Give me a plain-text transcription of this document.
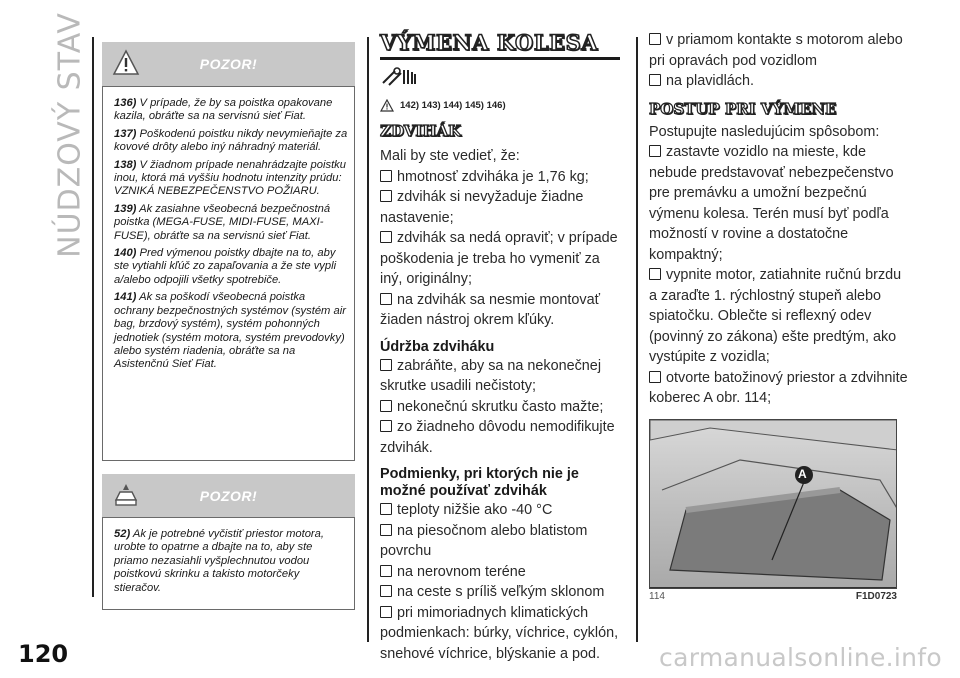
NÚDZOVÝ STAV
120
POZOR!

136) V prípade, že by sa poistka opakovane kazila, obráťte sa na servisnú sieť Fiat.

137) Poškodenú poistku nikdy nevymieňajte za kovové drôty alebo iný náhradný materiál.

138) V žiadnom prípade nenahrádzajte poistku inou, ktorá má vyššiu hodnotu intenzity prúdu: VZNIKÁ NEBEZPEČENSTVO POŽIARU.

139) Ak zasiahne všeobecná bezpečnostná poistka (MEGA-FUSE, MIDI-FUSE, MAXI-FUSE), obráťte sa na servisnú sieť Fiat.

140) Pred výmenou poistky dbajte na to, aby ste vytiahli kľúč zo zapaľovania a že ste vypli a/alebo odpojili všetky spotrebiče.

141) Ak sa poškodí všeobecná poistka ochrany bezpečnostných systémov (systém air bag, brzdový systém), systém pohonných jednotiek (systém motora, systém prevodovky) alebo systém riadenia, obráťte sa na Asistenčnú Sieť Fiat.

POZOR!

52) Ak je potrebné vyčistiť priestor motora, urobte to opatrne a dbajte na to, aby ste priamo nezasiahli vyšplechnutou vodou poistkovú skrinku a takisto motorčeky stieračov.

VÝMENA KOLESA
142) 143) 144) 145) 146)
ZDVIHÁK
Mali by ste vedieť, že:
hmotnosť zdviháka je 1,76 kg;
zdvihák si nevyžaduje žiadne nastavenie;
zdvihák sa nedá opraviť; v prípade poškodenia je treba ho vymeniť za iný, originálny;
na zdvihák sa nesmie montovať žiaden nástroj okrem kľúky.
Údržba zdviháku
zabráňte, aby sa na nekonečnej skrutke usadili nečistoty;
nekonečnú skrutku často mažte;
zo žiadneho dôvodu nemodifikujte zdvihák.
Podmienky, pri ktorých nie je možné používať zdvihák
teploty nižšie ako -40 °C
na piesočnom alebo blatistom povrchu
na nerovnom teréne
na ceste s príliš veľkým sklonom
pri mimoriadnych klimatických podmienkach: búrky, víchrice, cyklón, snehové víchrice, blýskanie a pod.
v priamom kontakte s motorom alebo pri opravách pod vozidlom
na plavidlách.
POSTUP PRI VÝMENE
Postupujte nasledujúcim spôsobom:
zastavte vozidlo na mieste, kde nebude predstavovať nebezpečenstvo pre premávku a umožní bezpečnú výmenu kolesa. Terén musí byť podľa možností v rovine a dostatočne kompaktný;
vypnite motor, zatiahnite ručnú brzdu a zaraďte 1. rýchlostný stupeň alebo spiatočku. Oblečte si reflexný odev (povinný zo zákona) ešte predtým, ako vystúpite z vozidla;
otvorte batožinový priestor a zdvihnite koberec A obr. 114;
A
114	F1D0723
carmanualsonline.info
